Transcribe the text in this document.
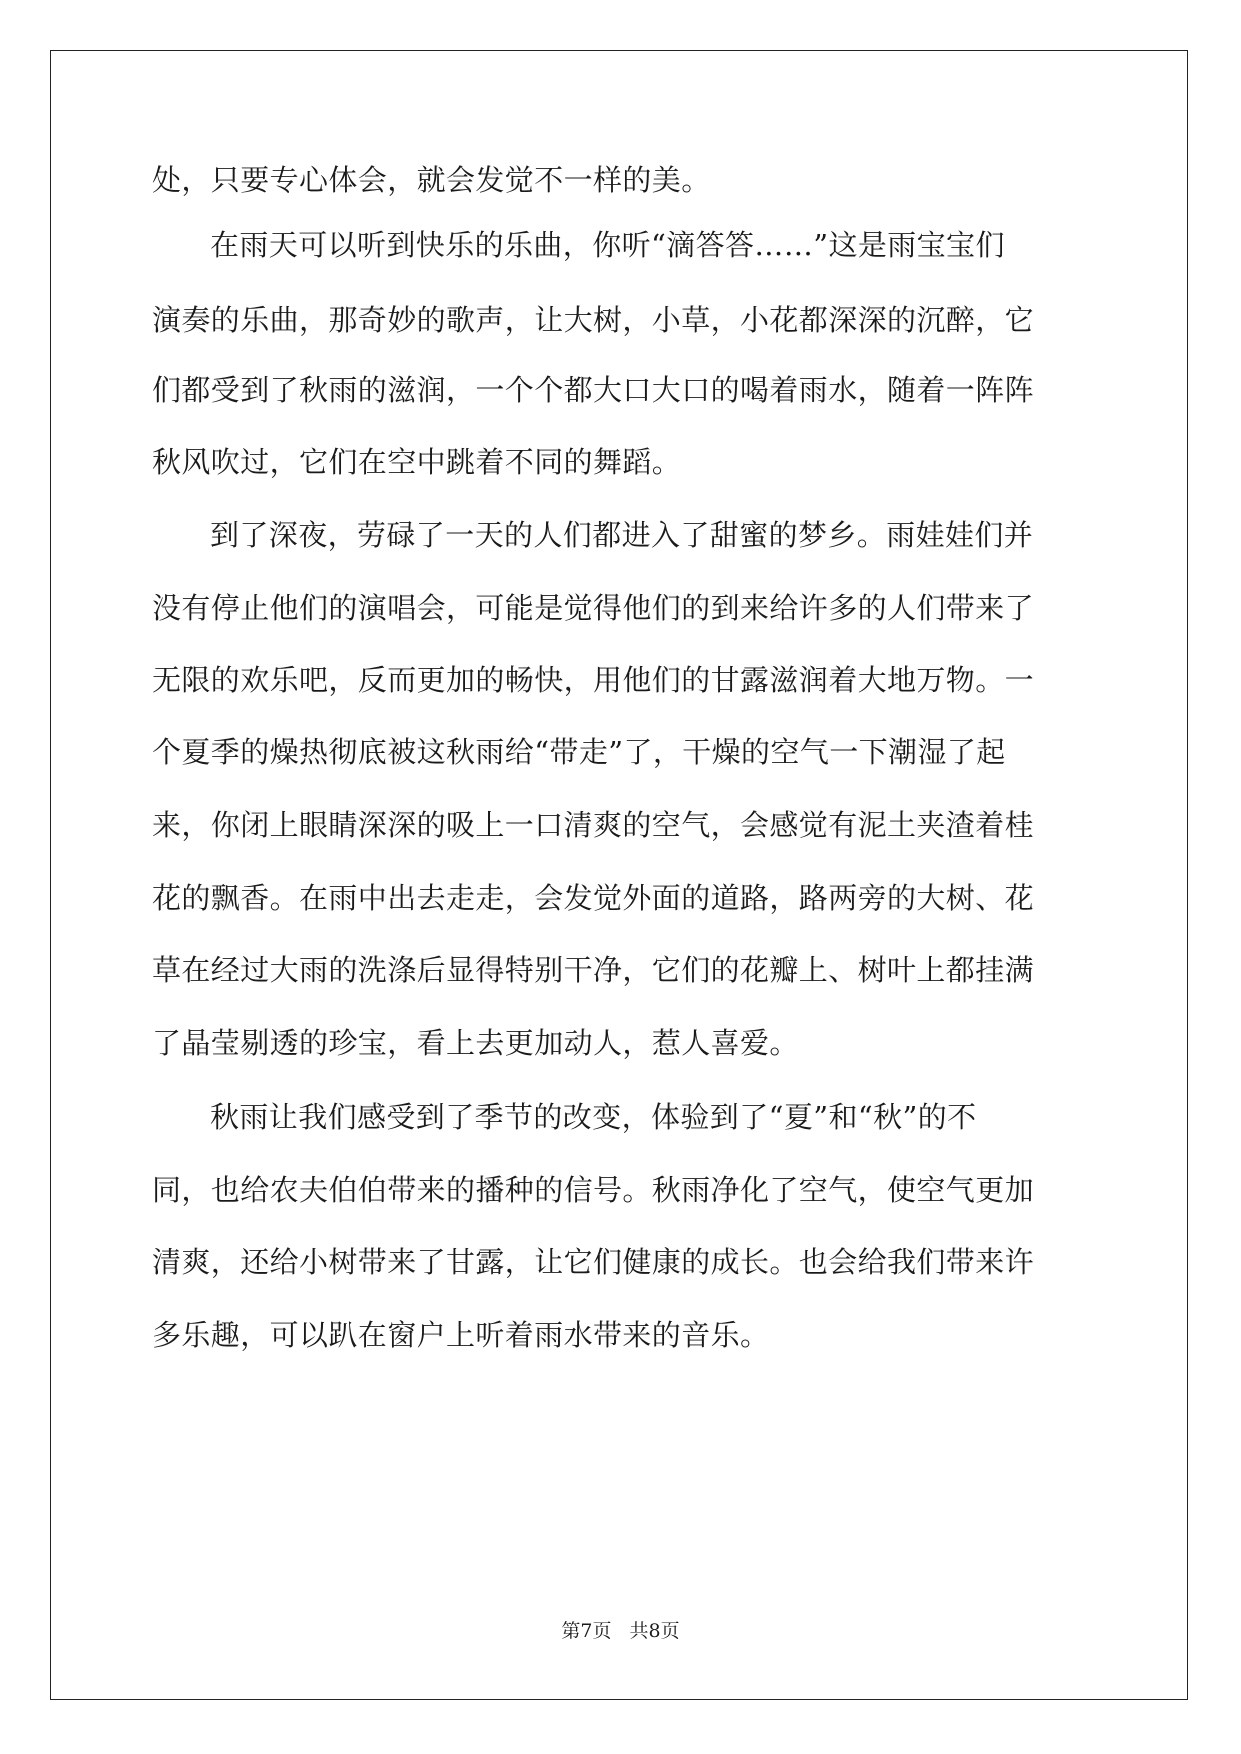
处，只要专心体会，就会发觉不一样的美。
在雨天可以听到快乐的乐曲，你听“滴答答……”这是雨宝宝们
演奏的乐曲，那奇妙的歌声，让大树，小草，小花都深深的沉醉，它
们都受到了秋雨的滋润，一个个都大口大口的喝着雨水，随着一阵阵
秋风吹过，它们在空中跳着不同的舞蹈。
到了深夜，劳碌了一天的人们都进入了甜蜜的梦乡。雨娃娃们并
没有停止他们的演唱会，可能是觉得他们的到来给许多的人们带来了
无限的欢乐吧，反而更加的畅快，用他们的甘露滋润着大地万物。一
个夏季的燥热彻底被这秋雨给“带走”了，干燥的空气一下潮湿了起
来，你闭上眼睛深深的吸上一口清爽的空气，会感觉有泥土夹渣着桂
花的飘香。在雨中出去走走，会发觉外面的道路，路两旁的大树、花
草在经过大雨的洗涤后显得特别干净，它们的花瓣上、树叶上都挂满
了晶莹剔透的珍宝，看上去更加动人，惹人喜爱。
秋雨让我们感受到了季节的改变，体验到了“夏”和“秋”的不
同，也给农夫伯伯带来的播种的信号。秋雨净化了空气，使空气更加
清爽，还给小树带来了甘露，让它们健康的成长。也会给我们带来许
多乐趣，可以趴在窗户上听着雨水带来的音乐。
第7页 共8页
